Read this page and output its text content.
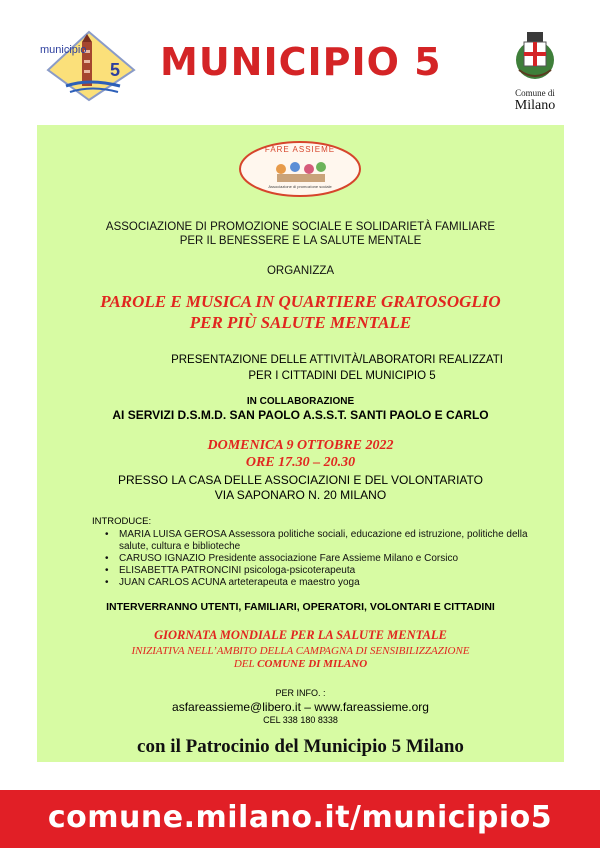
municipio
5 MUNICIPIO 5
Comune di
Milano
FARE ASSIEME
Associazione di promozione sociale
ASSOCIAZIONE DI PROMOZIONE SOCIALE E SOLIDARIETÀ FAMILIARE
PER IL BENESSERE E LA SALUTE MENTALE
ORGANIZZA
PAROLE E MUSICA IN QUARTIERE GRATOSOGLIO
PER PIÙ SALUTE MENTALE
PRESENTAZIONE DELLE ATTIVITÀ/LABORATORI REALIZZATI
PER I CITTADINI DEL MUNICIPIO 5
IN COLLABORAZIONE
AI SERVIZI D.S.M.D. SAN PAOLO A.S.S.T. SANTI PAOLO E CARLO
DOMENICA 9 OTTOBRE 2022
ORE 17.30 – 20.30
PRESSO LA CASA DELLE ASSOCIAZIONI E DEL VOLONTARIATO
VIA SAPONARO N. 20 MILANO
INTRODUCE:
• MARIA LUISA GEROSA Assessora politiche sociali, educazione ed istruzione, politiche della salute, cultura e biblioteche
• CARUSO IGNAZIO Presidente associazione Fare Assieme Milano e Corsico
• ELISABETTA PATRONCINI psicologa-psicoterapeuta
• JUAN CARLOS ACUNA arteterapeuta e maestro yoga
INTERVERRANNO UTENTI, FAMILIARI, OPERATORI, VOLONTARI E CITTADINI
GIORNATA MONDIALE PER LA SALUTE MENTALE
INIZIATIVA NELL’AMBITO DELLA CAMPAGNA DI SENSIBILIZZAZIONE
DEL COMUNE DI MILANO
PER INFO. :
asfareassieme@libero.it – www.fareassieme.org
CEL 338 180 8338
con il Patrocinio del Municipio 5 Milano
comune.milano.it/municipio5
